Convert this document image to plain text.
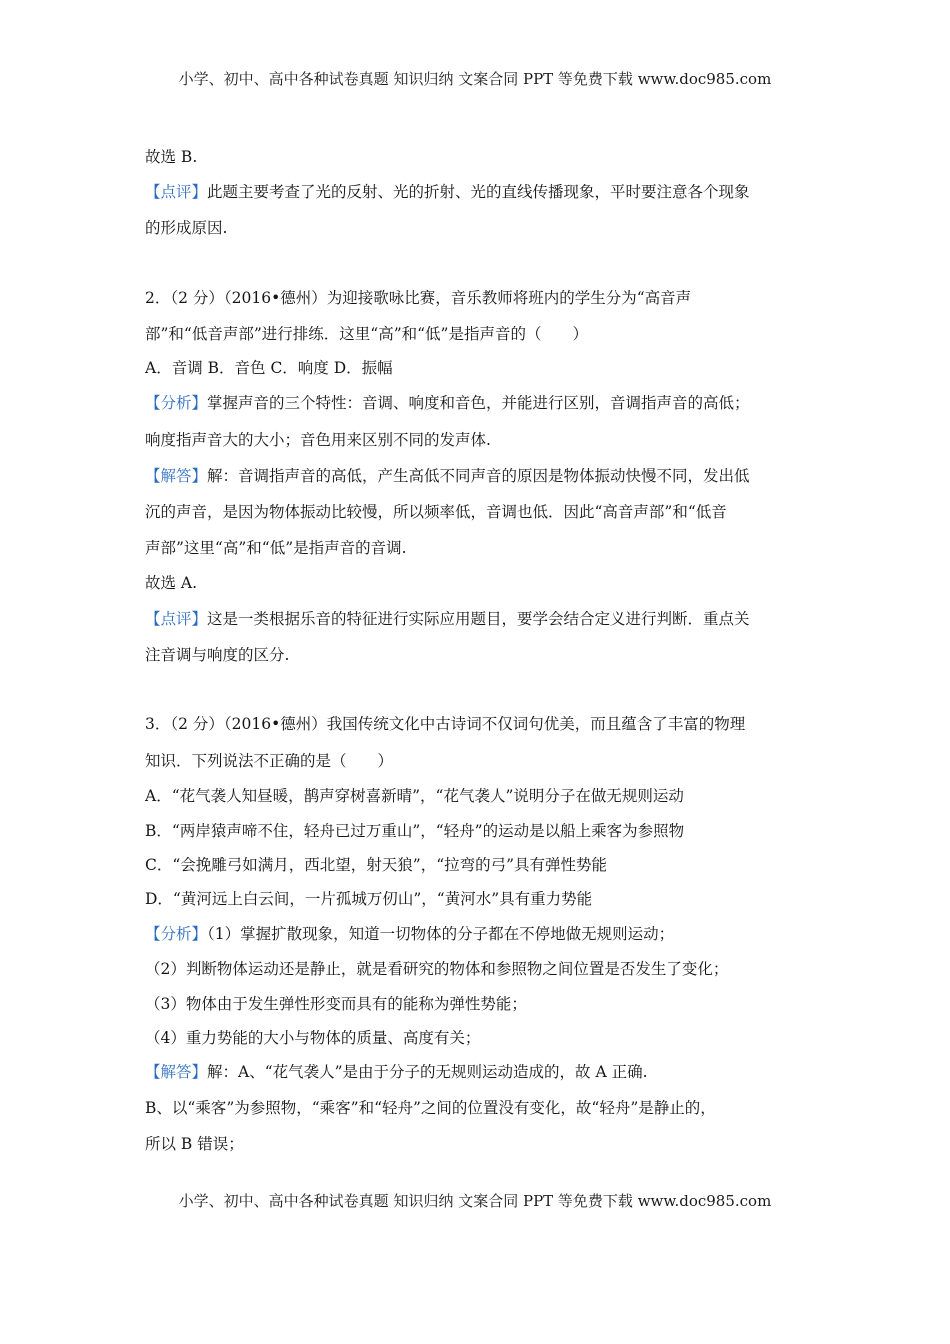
小学、初中、高中各种试卷真题 知识归纳 文案合同 PPT 等免费下载 www.doc985.com
故选 B.
【点评】此题主要考查了光的反射、光的折射、光的直线传播现象，平时要注意各个现象
的形成原因.
2．（2 分）（2016•德州）为迎接歌咏比赛，音乐教师将班内的学生分为“高音声
部”和“低音声部”进行排练．这里“高”和“低”是指声音的（　　）
A．音调 B．音色 C．响度 D．振幅
【分析】掌握声音的三个特性：音调、响度和音色，并能进行区别，音调指声音的高低；
响度指声音大的大小；音色用来区别不同的发声体.
【解答】解：音调指声音的高低，产生高低不同声音的原因是物体振动快慢不同，发出低
沉的声音，是因为物体振动比较慢，所以频率低，音调也低．因此“高音声部”和“低音
声部”这里“高”和“低”是指声音的音调.
故选 A.
【点评】这是一类根据乐音的特征进行实际应用题目，要学会结合定义进行判断．重点关
注音调与响度的区分.
3．（2 分）（2016•德州）我国传统文化中古诗词不仅词句优美，而且蕴含了丰富的物理
知识．下列说法不正确的是（　　）
A．“花气袭人知昼暖，鹊声穿树喜新晴”，“花气袭人”说明分子在做无规则运动
B．“两岸猿声啼不住，轻舟已过万重山”，“轻舟”的运动是以船上乘客为参照物
C．“会挽雕弓如满月，西北望，射天狼”，“拉弯的弓”具有弹性势能
D．“黄河远上白云间，一片孤城万仞山”，“黄河水”具有重力势能
【分析】（1）掌握扩散现象，知道一切物体的分子都在不停地做无规则运动；
（2）判断物体运动还是静止，就是看研究的物体和参照物之间位置是否发生了变化；
（3）物体由于发生弹性形变而具有的能称为弹性势能；
（4）重力势能的大小与物体的质量、高度有关；
【解答】解：A、“花气袭人”是由于分子的无规则运动造成的，故 A 正确.
B、以“乘客”为参照物，“乘客”和“轻舟”之间的位置没有变化，故“轻舟”是静止的，
所以 B 错误；
小学、初中、高中各种试卷真题 知识归纳 文案合同 PPT 等免费下载 www.doc985.com
